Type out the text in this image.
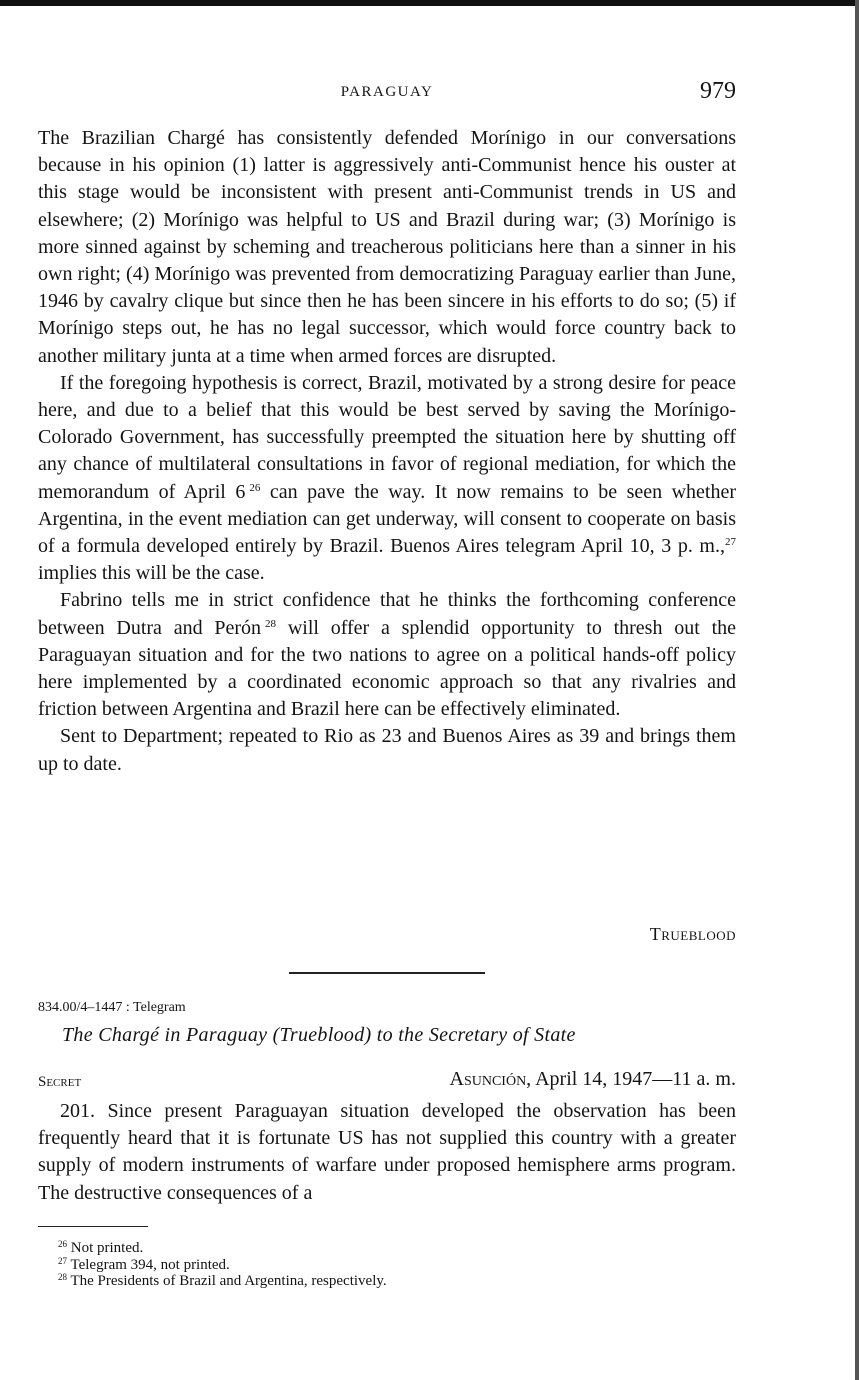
PARAGUAY	979

The Brazilian Chargé has consistently defended Morínigo in our conversations because in his opinion (1) latter is aggressively anti-Communist hence his ouster at this stage would be inconsistent with present anti-Communist trends in US and elsewhere; (2) Morínigo was helpful to US and Brazil during war; (3) Morínigo is more sinned against by scheming and treacherous politicians here than a sinner in his own right; (4) Morínigo was prevented from democratizing Paraguay earlier than June, 1946 by cavalry clique but since then he has been sincere in his efforts to do so; (5) if Morínigo steps out, he has no legal successor, which would force country back to another military junta at a time when armed forces are disrupted.

If the foregoing hypothesis is correct, Brazil, motivated by a strong desire for peace here, and due to a belief that this would be best served by saving the Morínigo-Colorado Government, has successfully preempted the situation here by shutting off any chance of multilateral consultations in favor of regional mediation, for which the memorandum of April 6  $^{26}$ can pave the way. It now remains to be seen whether Argentina, in the event mediation can get underway, will consent to cooperate on basis of a formula developed entirely by Brazil. Buenos Aires telegram April 10, 3 p. m.,$^{27}$ implies this will be the case.

Fabrino tells me in strict confidence that he thinks the forthcoming conference between Dutra and Perón  $^{28}$ will offer a splendid opportunity to thresh out the Paraguayan situation and for the two nations to agree on a political hands-off policy here implemented by a coordinated economic approach so that any rivalries and friction between Argentina and Brazil here can be effectively eliminated.

Sent to Department; repeated to Rio as 23 and Buenos Aires as 39 and brings them up to date.

Trueblood
834.00/4–1447 : Telegram
The Chargé in Paraguay (Trueblood) to the Secretary of State
Secret	Asunción, April 14, 1947—11 a. m.

201. Since present Paraguayan situation developed the observation has been frequently heard that it is fortunate US has not supplied this country with a greater supply of modern instruments of warfare under proposed hemisphere arms program. The destructive consequences of a

$^{26}$ Not printed.
$^{27}$ Telegram 394, not printed.
$^{28}$ The Presidents of Brazil and Argentina, respectively.
